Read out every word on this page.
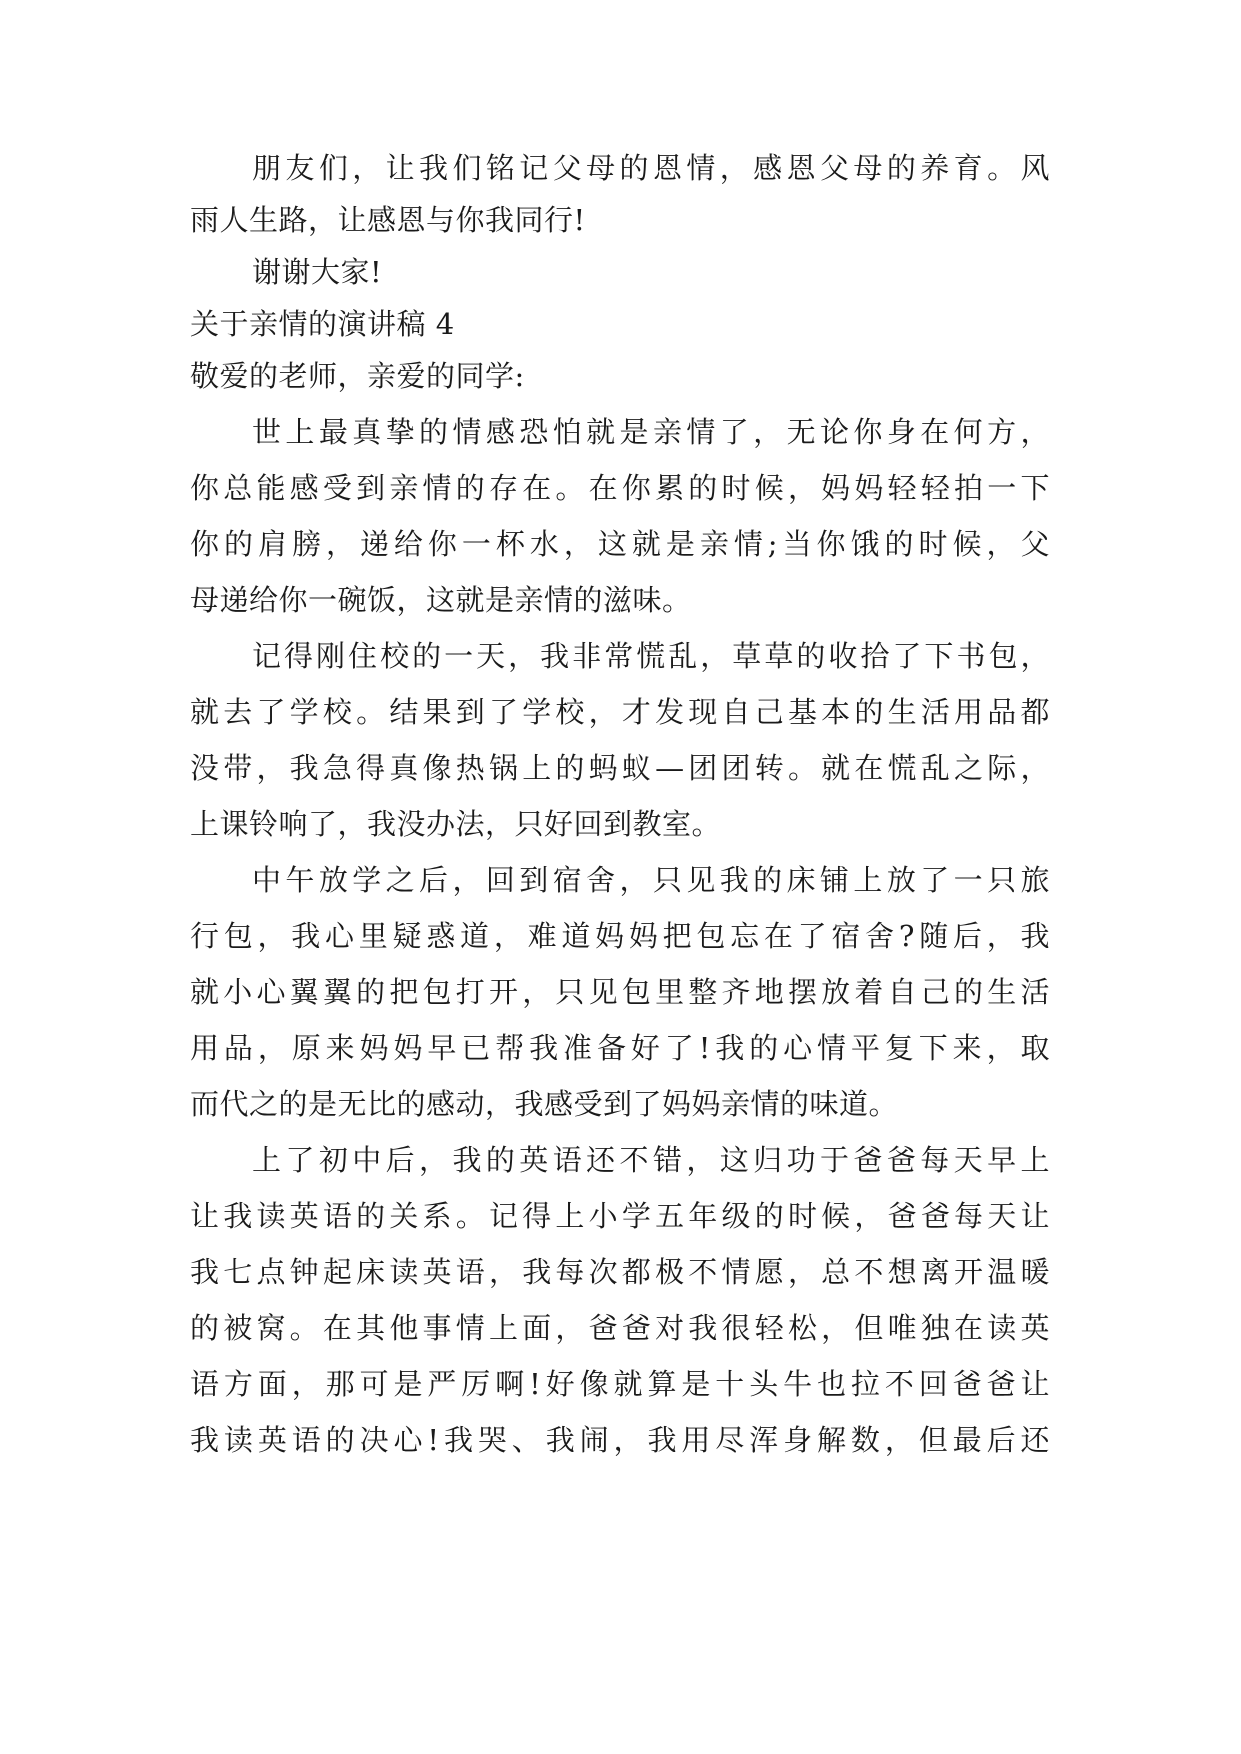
朋友们，让我们铭记父母的恩情，感恩父母的养育。风
雨人生路，让感恩与你我同行!
谢谢大家!
关于亲情的演讲稿 4
敬爱的老师，亲爱的同学:
世上最真挚的情感恐怕就是亲情了，无论你身在何方，
你总能感受到亲情的存在。在你累的时候，妈妈轻轻拍一下
你的肩膀，递给你一杯水，这就是亲情;当你饿的时候，父
母递给你一碗饭，这就是亲情的滋味。
记得刚住校的一天，我非常慌乱，草草的收拾了下书包，
就去了学校。结果到了学校，才发现自己基本的生活用品都
没带，我急得真像热锅上的蚂蚁—团团转。就在慌乱之际，
上课铃响了，我没办法，只好回到教室。
中午放学之后，回到宿舍，只见我的床铺上放了一只旅
行包，我心里疑惑道，难道妈妈把包忘在了宿舍?随后，我
就小心翼翼的把包打开，只见包里整齐地摆放着自己的生活
用品，原来妈妈早已帮我准备好了!我的心情平复下来，取
而代之的是无比的感动，我感受到了妈妈亲情的味道。
上了初中后，我的英语还不错，这归功于爸爸每天早上
让我读英语的关系。记得上小学五年级的时候，爸爸每天让
我七点钟起床读英语，我每次都极不情愿，总不想离开温暖
的被窝。在其他事情上面，爸爸对我很轻松，但唯独在读英
语方面，那可是严厉啊!好像就算是十头牛也拉不回爸爸让
我读英语的决心!我哭、我闹，我用尽浑身解数，但最后还
